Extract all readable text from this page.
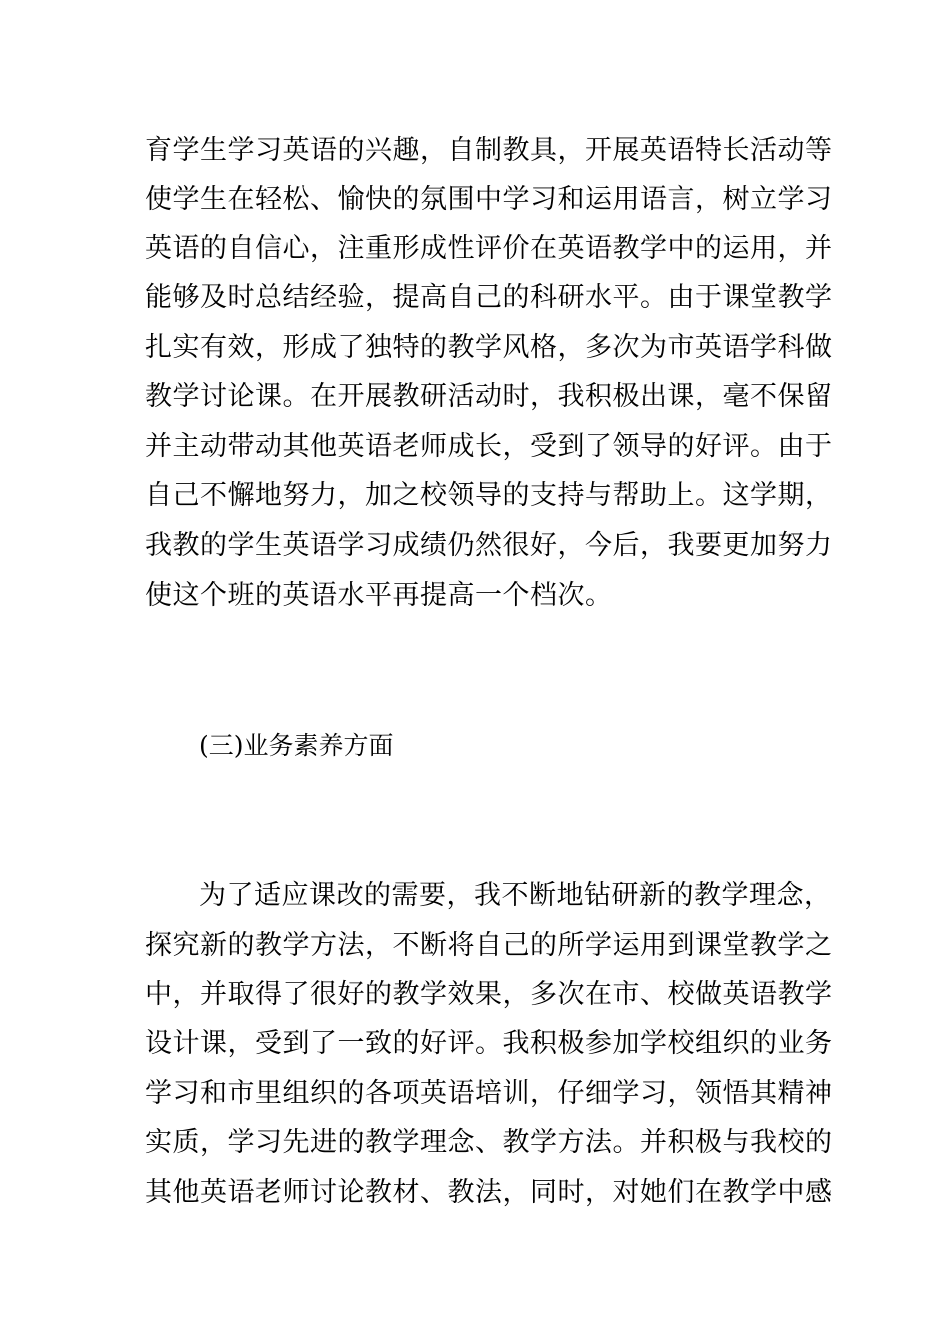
育学生学习英语的兴趣，自制教具，开展英语特长活动等
使学生在轻松、愉快的氛围中学习和运用语言，树立学习
英语的自信心，注重形成性评价在英语教学中的运用，并
能够及时总结经验，提高自己的科研水平。由于课堂教学
扎实有效，形成了独特的教学风格，多次为市英语学科做
教学讨论课。在开展教研活动时，我积极出课，毫不保留
并主动带动其他英语老师成长，受到了领导的好评。由于
自己不懈地努力，加之校领导的支持与帮助上。这学期，
我教的学生英语学习成绩仍然很好，今后，我要更加努力
使这个班的英语水平再提高一个档次。
(三)业务素养方面
为了适应课改的需要，我不断地钻研新的教学理念，
探究新的教学方法，不断将自己的所学运用到课堂教学之
中，并取得了很好的教学效果，多次在市、校做英语教学
设计课，受到了一致的好评。我积极参加学校组织的业务
学习和市里组织的各项英语培训，仔细学习，领悟其精神
实质，学习先进的教学理念、教学方法。并积极与我校的
其他英语老师讨论教材、教法，同时，对她们在教学中感
